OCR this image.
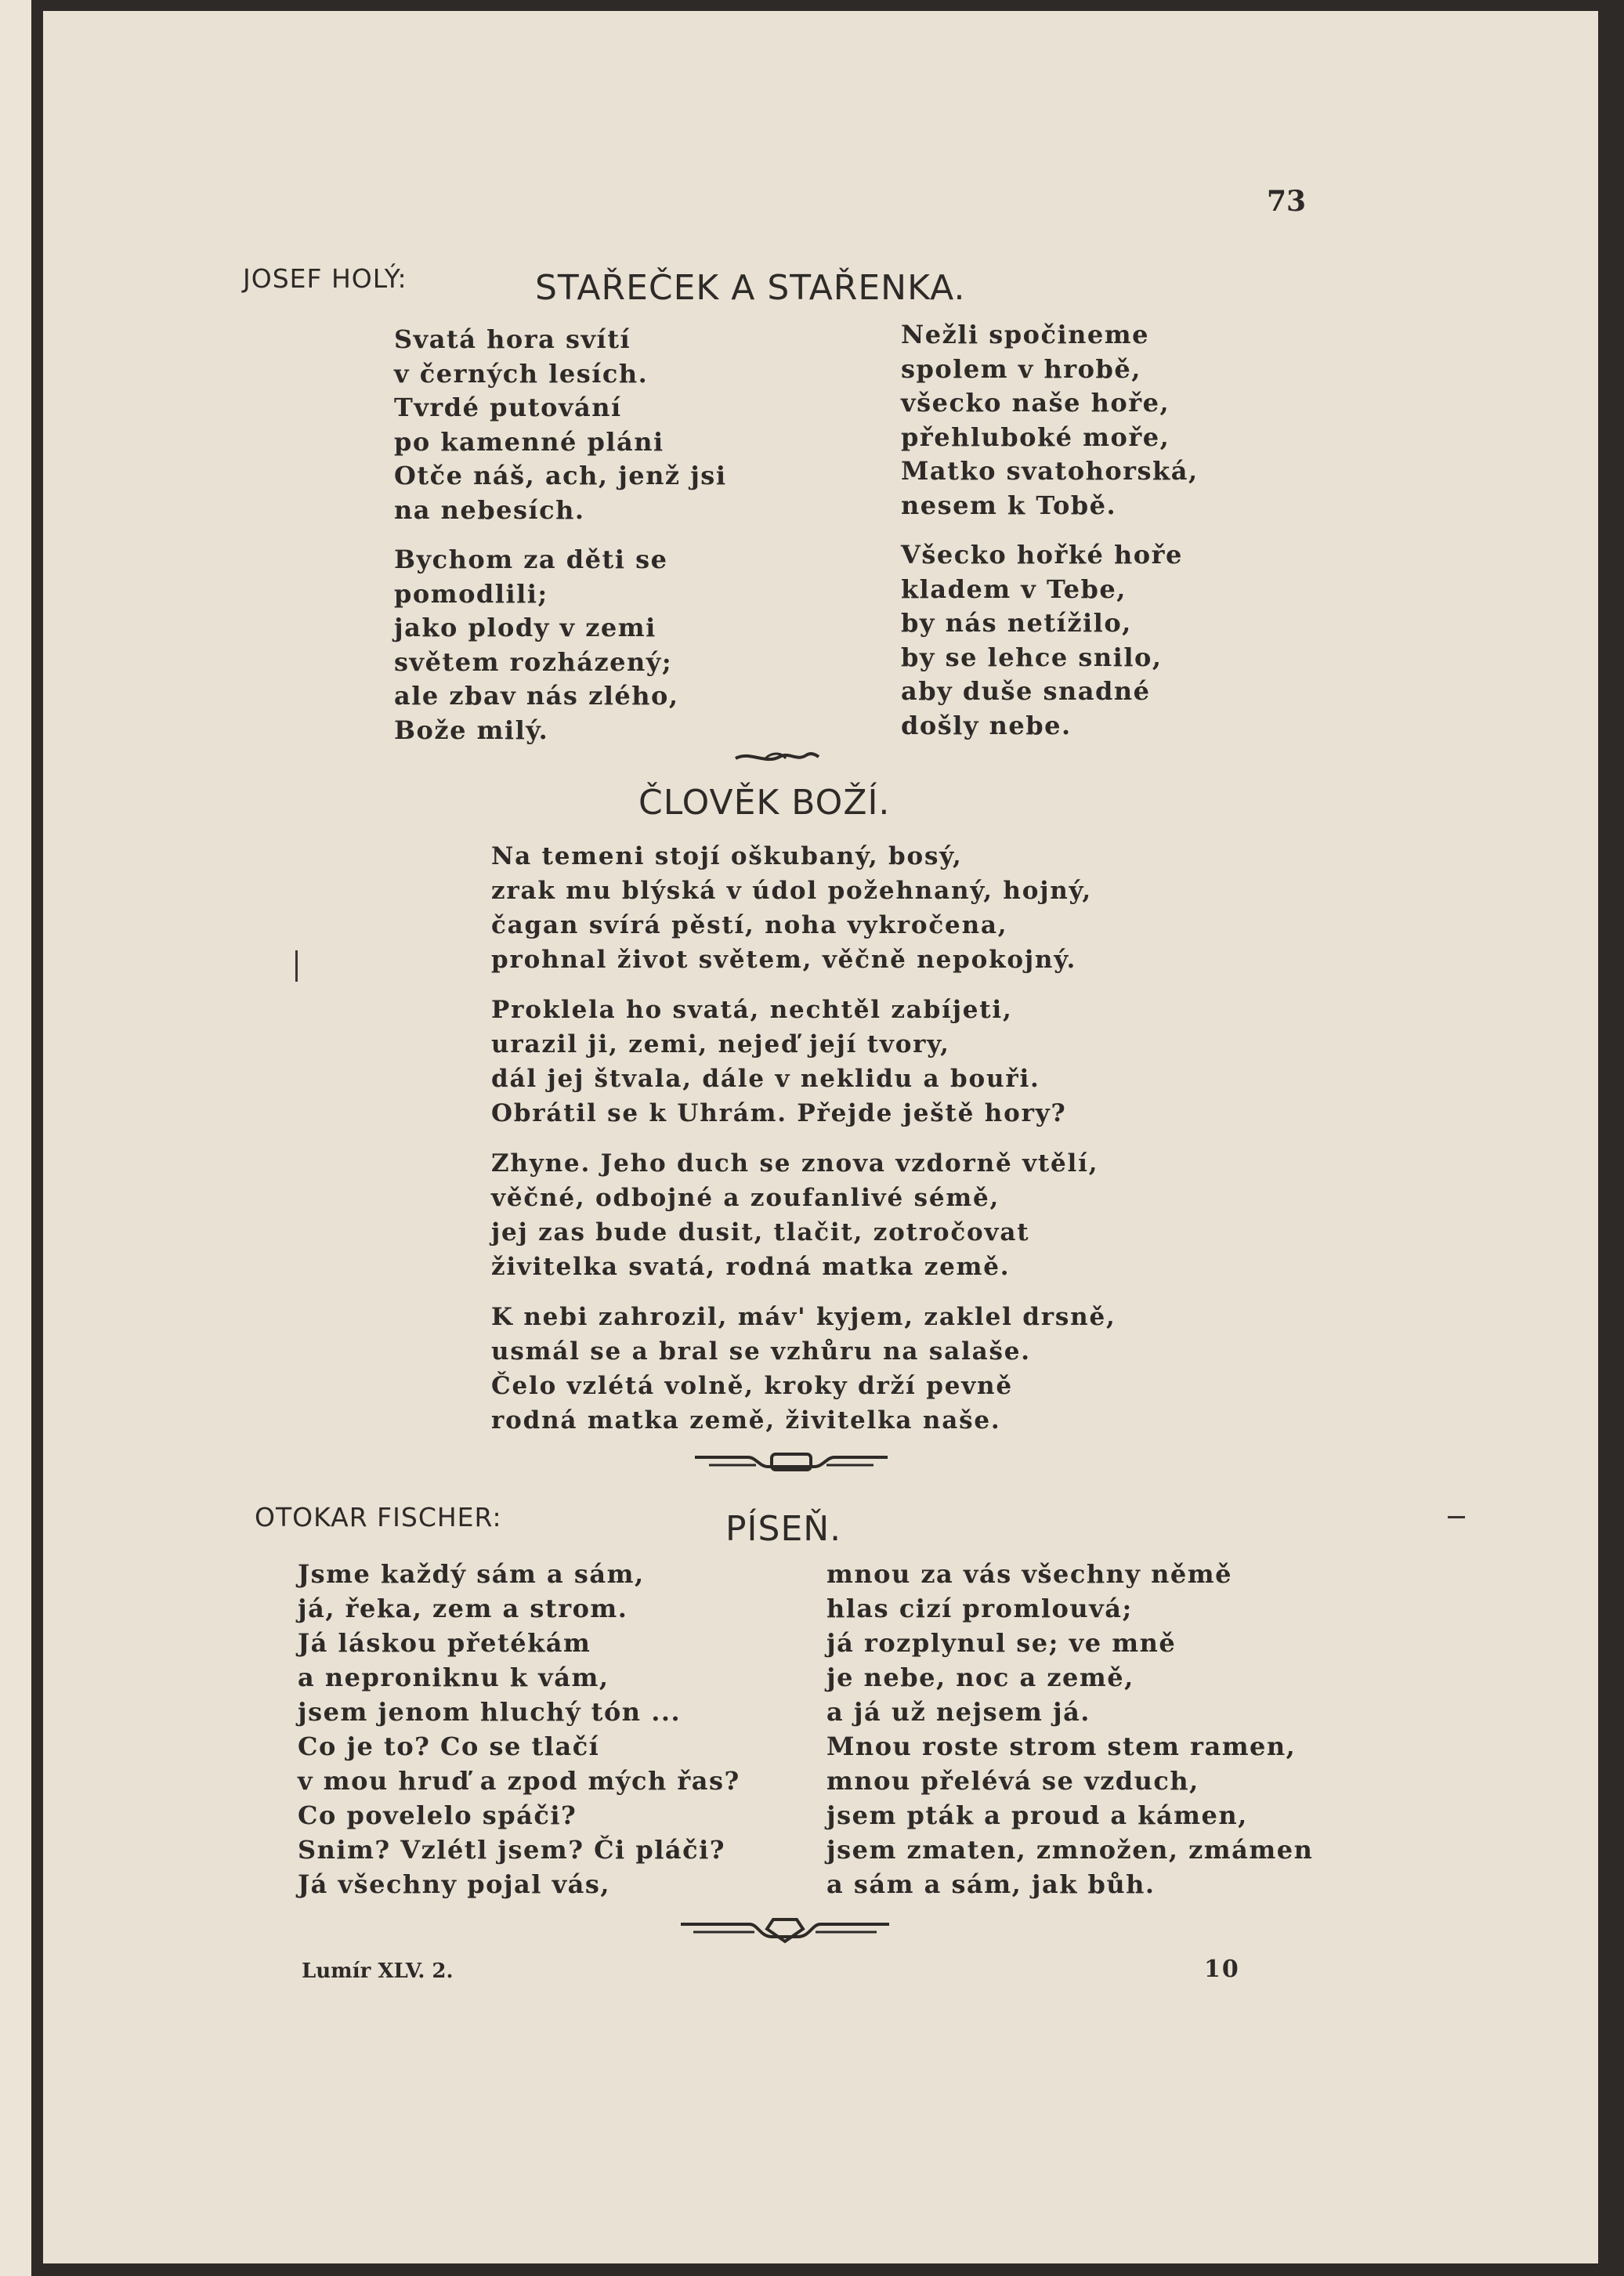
73
JOSEF HOLÝ:	STAŘEČEK A STAŘENKA.
Svatá hora svítí
v černých lesích.
Tvrdé putování
po kamenné pláni
Otče náš, ach, jenž jsi
na nebesích.
Bychom za děti se
pomodlili;
jako plody v zemi
světem rozházený;
ale zbav nás zlého,
Bože milý.
Nežli spočineme
spolem v hrobě,
všecko naše hoře,
přehluboké moře,
Matko svatohorská,
nesem k Tobě.
Všecko hořké hoře
kladem v Tebe,
by nás netížilo,
by se lehce snilo,
aby duše snadné
došly nebe.
ČLOVĚK BOŽÍ.
Na temeni stojí oškubaný, bosý,
zrak mu blýská v údol požehnaný, hojný,
čagan svírá pěstí, noha vykročena,
prohnal život světem, věčně nepokojný.
Proklela ho svatá, nechtěl zabíjeti,
urazil ji, zemi, nejeď její tvory,
dál jej štvala, dále v neklidu a bouři.
Obrátil se k Uhrám. Přejde ještě hory?
Zhyne. Jeho duch se znova vzdorně vtělí,
věčné, odbojné a zoufanlivé sémě,
jej zas bude dusit, tlačit, zotročovat
živitelka svatá, rodná matka země.
K nebi zahrozil, máv' kyjem, zaklel drsně,
usmál se a bral se vzhůru na salaše.
Čelo vzlétá volně, kroky drží pevně
rodná matka země, živitelka naše.
OTOKAR FISCHER:	PÍSEŇ.
Jsme každý sám a sám,
já, řeka, zem a strom.
Já láskou přetékám
a neproniknu k vám,
jsem jenom hluchý tón ...
Co je to? Co se tlačí
v mou hruď a zpod mých řas?
Co povelelo spáči?
Snim? Vzlétl jsem? Či pláči?
Já všechny pojal vás,
mnou za vás všechny němě
hlas cizí promlouvá;
já rozplynul se; ve mně
je nebe, noc a země,
a já už nejsem já.
Mnou roste strom stem ramen,
mnou přelévá se vzduch,
jsem pták a proud a kámen,
jsem zmaten, zmnožen, zmámen
a sám a sám, jak bůh.
Lumír XLV. 2.	10
